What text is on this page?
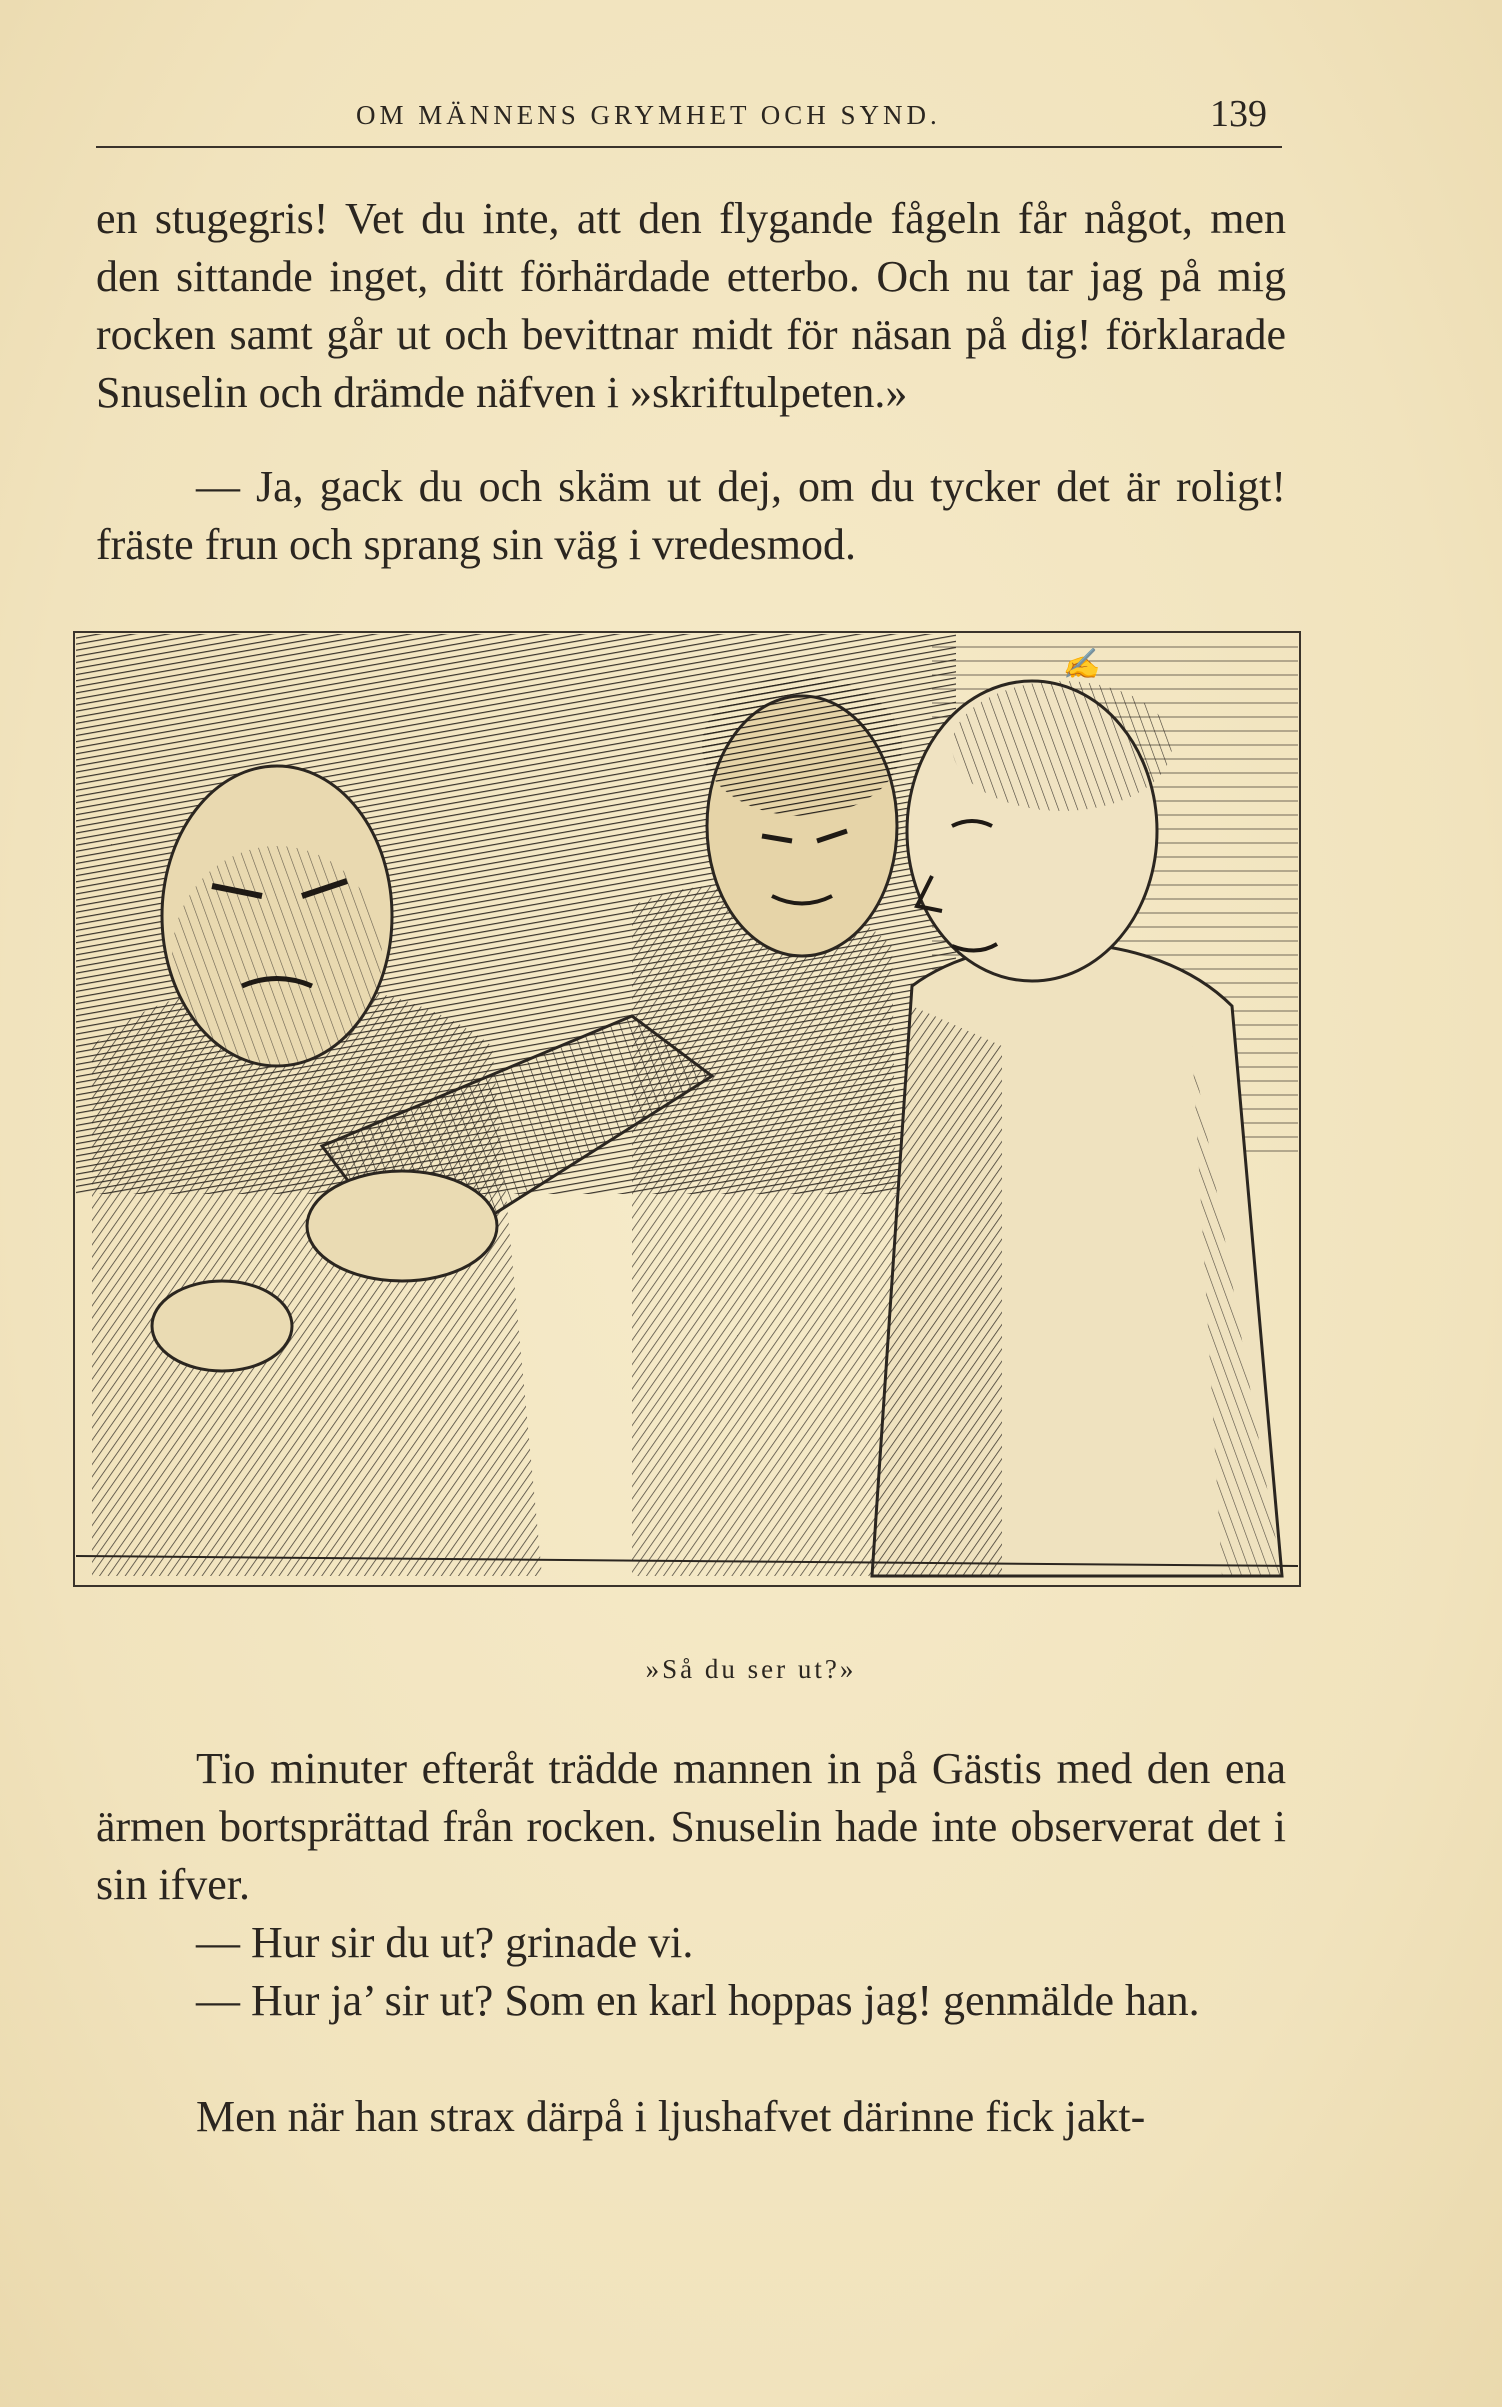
OM MÄNNENS GRYMHET OCH SYND.	139

en stugegris! Vet du inte, att den flygande fågeln får något, men den sittande inget, ditt förhärdade etterbo. Och nu tar jag på mig rocken samt går ut och bevittnar midt för näsan på dig! förklarade Snuselin och drämde näfven i »skriftulpeten.»

— Ja, gack du och skäm ut dej, om du tycker det är roligt! fräste frun och sprang sin väg i vredesmod.

✍
»Så du ser ut?»

Tio minuter efteråt trädde mannen in på Gästis med den ena ärmen bortsprättad från rocken. Snuselin hade inte observerat det i sin ifver.

— Hur sir du ut? grinade vi.

— Hur ja’ sir ut? Som en karl hoppas jag! genmälde han.

Men när han strax därpå i ljushafvet därinne fick jakt-
